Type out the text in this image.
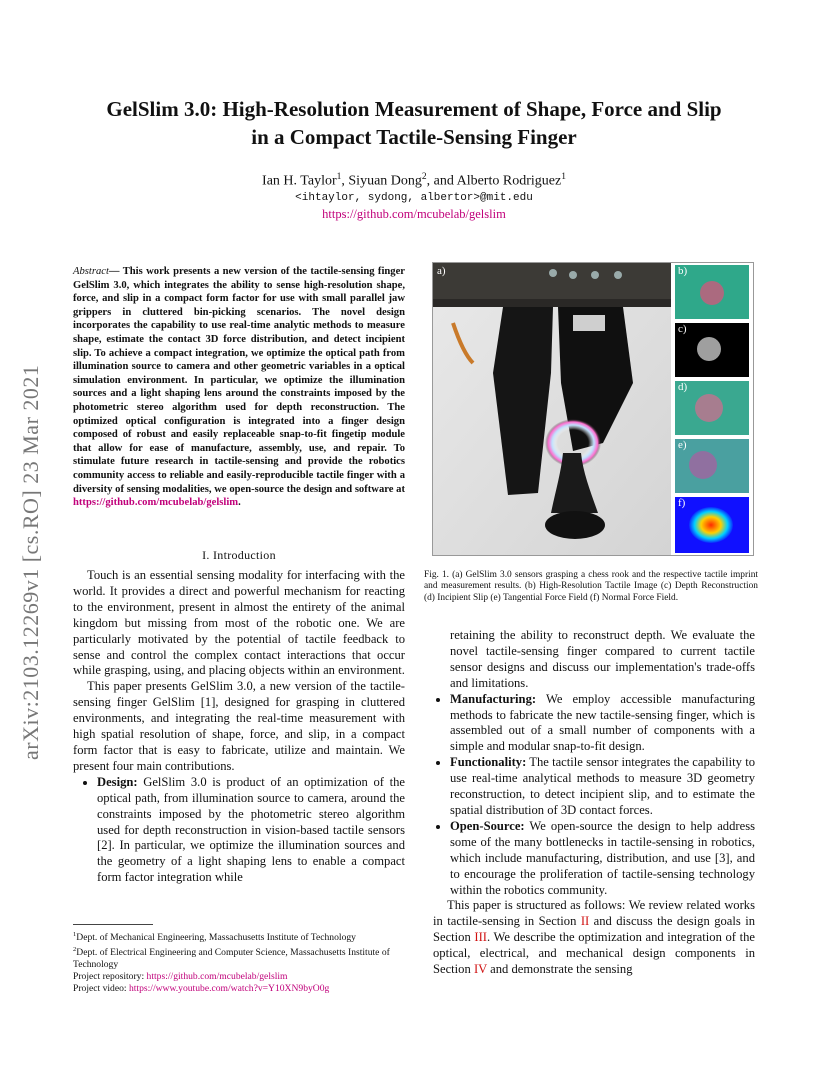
arXiv:2103.12269v1 [cs.RO] 23 Mar 2021
GelSlim 3.0: High-Resolution Measurement of Shape, Force and Slip
in a Compact Tactile-Sensing Finger
Ian H. Taylor$^1$, Siyuan Dong$^2$, and Alberto Rodriguez$^1$
<ihtaylor, sydong, albertor>@mit.edu
https://github.com/mcubelab/gelslim
Abstract— This work presents a new version of the tactile-sensing finger GelSlim 3.0, which integrates the ability to sense high-resolution shape, force, and slip in a compact form factor for use with small parallel jaw grippers in cluttered bin-picking scenarios. The novel design incorporates the capability to use real-time analytic methods to measure shape, estimate the contact 3D force distribution, and detect incipient slip. To achieve a compact integration, we optimize the optical path from illumination source to camera and other geometric variables in a optical simulation environment. In particular, we optimize the illumination sources and a light shaping lens around the constraints imposed by the photometric stereo algorithm used for depth reconstruction. The optimized optical configuration is integrated into a finger design composed of robust and easily replaceable snap-to-fit fingetip module that allow for ease of manufacture, assembly, use, and repair. To stimulate future research in tactile-sensing and provide the robotics community access to reliable and easily-reproducible tactile finger with a diversity of sensing modalities, we open-source the design and software at https://github.com/mcubelab/gelslim.
a)	b)
c)
d)
e)
f)
Fig. 1. (a) GelSlim 3.0 sensors grasping a chess rook and the respective tactile imprint and measurement results. (b) High-Resolution Tactile Image (c) Depth Reconstruction (d) Incipient Slip (e) Tangential Force Field (f) Normal Force Field.
I. Introduction

Touch is an essential sensing modality for interfacing with the world. It provides a direct and powerful mechanism for reacting to the environment, present in almost the entirety of the animal kingdom but missing from most of the robotic one. We are particularly motivated by the potential of tactile feedback to sense and control the complex contact interactions that occur while grasping, using, and placing objects within an environment.

This paper presents GelSlim 3.0, a new version of the tactile-sensing finger GelSlim [1], designed for grasping in cluttered environments, and integrating the real-time measurement with high spatial resolution of shape, force, and slip, in a compact form factor that is easy to fabricate, utilize and maintain. We present four main contributions.

• Design: GelSlim 3.0 is product of an optimization of the optical path, from illumination source to camera, around the constraints imposed by the photometric stereo algorithm used for depth reconstruction in vision-based tactile sensors [2]. In particular, we optimize the illumination sources and the geometry of a light shaping lens to enable a compact form factor integration while
retaining the ability to reconstruct depth. We evaluate the novel tactile-sensing finger compared to current tactile sensor designs and discuss our implementation's trade-offs and limitations.
• Manufacturing: We employ accessible manufacturing methods to fabricate the new tactile-sensing finger, which is assembled out of a small number of components with a simple and modular snap-to-fit design.
• Functionality: The tactile sensor integrates the capability to use real-time analytical methods to measure 3D geometry reconstruction, to detect incipient slip, and to estimate the spatial distribution of 3D contact forces.
• Open-Source: We open-source the design to help address some of the many bottlenecks in tactile-sensing in robotics, which include manufacturing, distribution, and use [3], and to encourage the proliferation of tactile-sensing technology within the robotics community.

This paper is structured as follows: We review related works in tactile-sensing in Section II and discuss the design goals in Section III. We describe the optimization and integration of the optical, electrical, and mechanical design components in Section IV and demonstrate the sensing

$^1$Dept. of Mechanical Engineering, Massachusetts Institute of Technology
$^2$Dept. of Electrical Engineering and Computer Science, Massachusetts Institute of Technology
Project repository: https://github.com/mcubelab/gelslim
Project video: https://www.youtube.com/watch?v=Y10XN9byO0g
